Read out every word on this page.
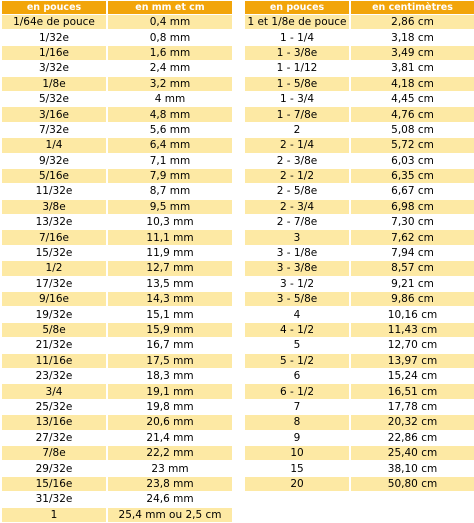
en pouces	en mm et cm
1/64e de pouce	0,4 mm
1/32e	0,8 mm
1/16e	1,6 mm
3/32e	2,4 mm
1/8e	3,2 mm
5/32e	4 mm
3/16e	4,8 mm
7/32e	5,6 mm
1/4	6,4 mm
9/32e	7,1 mm
5/16e	7,9 mm
11/32e	8,7 mm
3/8e	9,5 mm
13/32e	10,3 mm
7/16e	11,1 mm
15/32e	11,9 mm
1/2	12,7 mm
17/32e	13,5 mm
9/16e	14,3 mm
19/32e	15,1 mm
5/8e	15,9 mm
21/32e	16,7 mm
11/16e	17,5 mm
23/32e	18,3 mm
3/4	19,1 mm
25/32e	19,8 mm
13/16e	20,6 mm
27/32e	21,4 mm
7/8e	22,2 mm
29/32e	23 mm
15/16e	23,8 mm
31/32e	24,6 mm
1	25,4 mm ou 2,5 cm
en pouces	en centimètres
1 et 1/8e de pouce	2,86 cm
1 - 1/4	3,18 cm
1 - 3/8e	3,49 cm
1 - 1/12	3,81 cm
1 - 5/8e	4,18 cm
1 - 3/4	4,45 cm
1 - 7/8e	4,76 cm
2	5,08 cm
2 - 1/4	5,72 cm
2 - 3/8e	6,03 cm
2 - 1/2	6,35 cm
2 - 5/8e	6,67 cm
2 - 3/4	6,98 cm
2 - 7/8e	7,30 cm
3	7,62 cm
3 - 1/8e	7,94 cm
3 - 3/8e	8,57 cm
3 - 1/2	9,21 cm
3 - 5/8e	9,86 cm
4	10,16 cm
4 - 1/2	11,43 cm
5	12,70 cm
5 - 1/2	13,97 cm
6	15,24 cm
6 - 1/2	16,51 cm
7	17,78 cm
8	20,32 cm
9	22,86 cm
10	25,40 cm
15	38,10 cm
20	50,80 cm
